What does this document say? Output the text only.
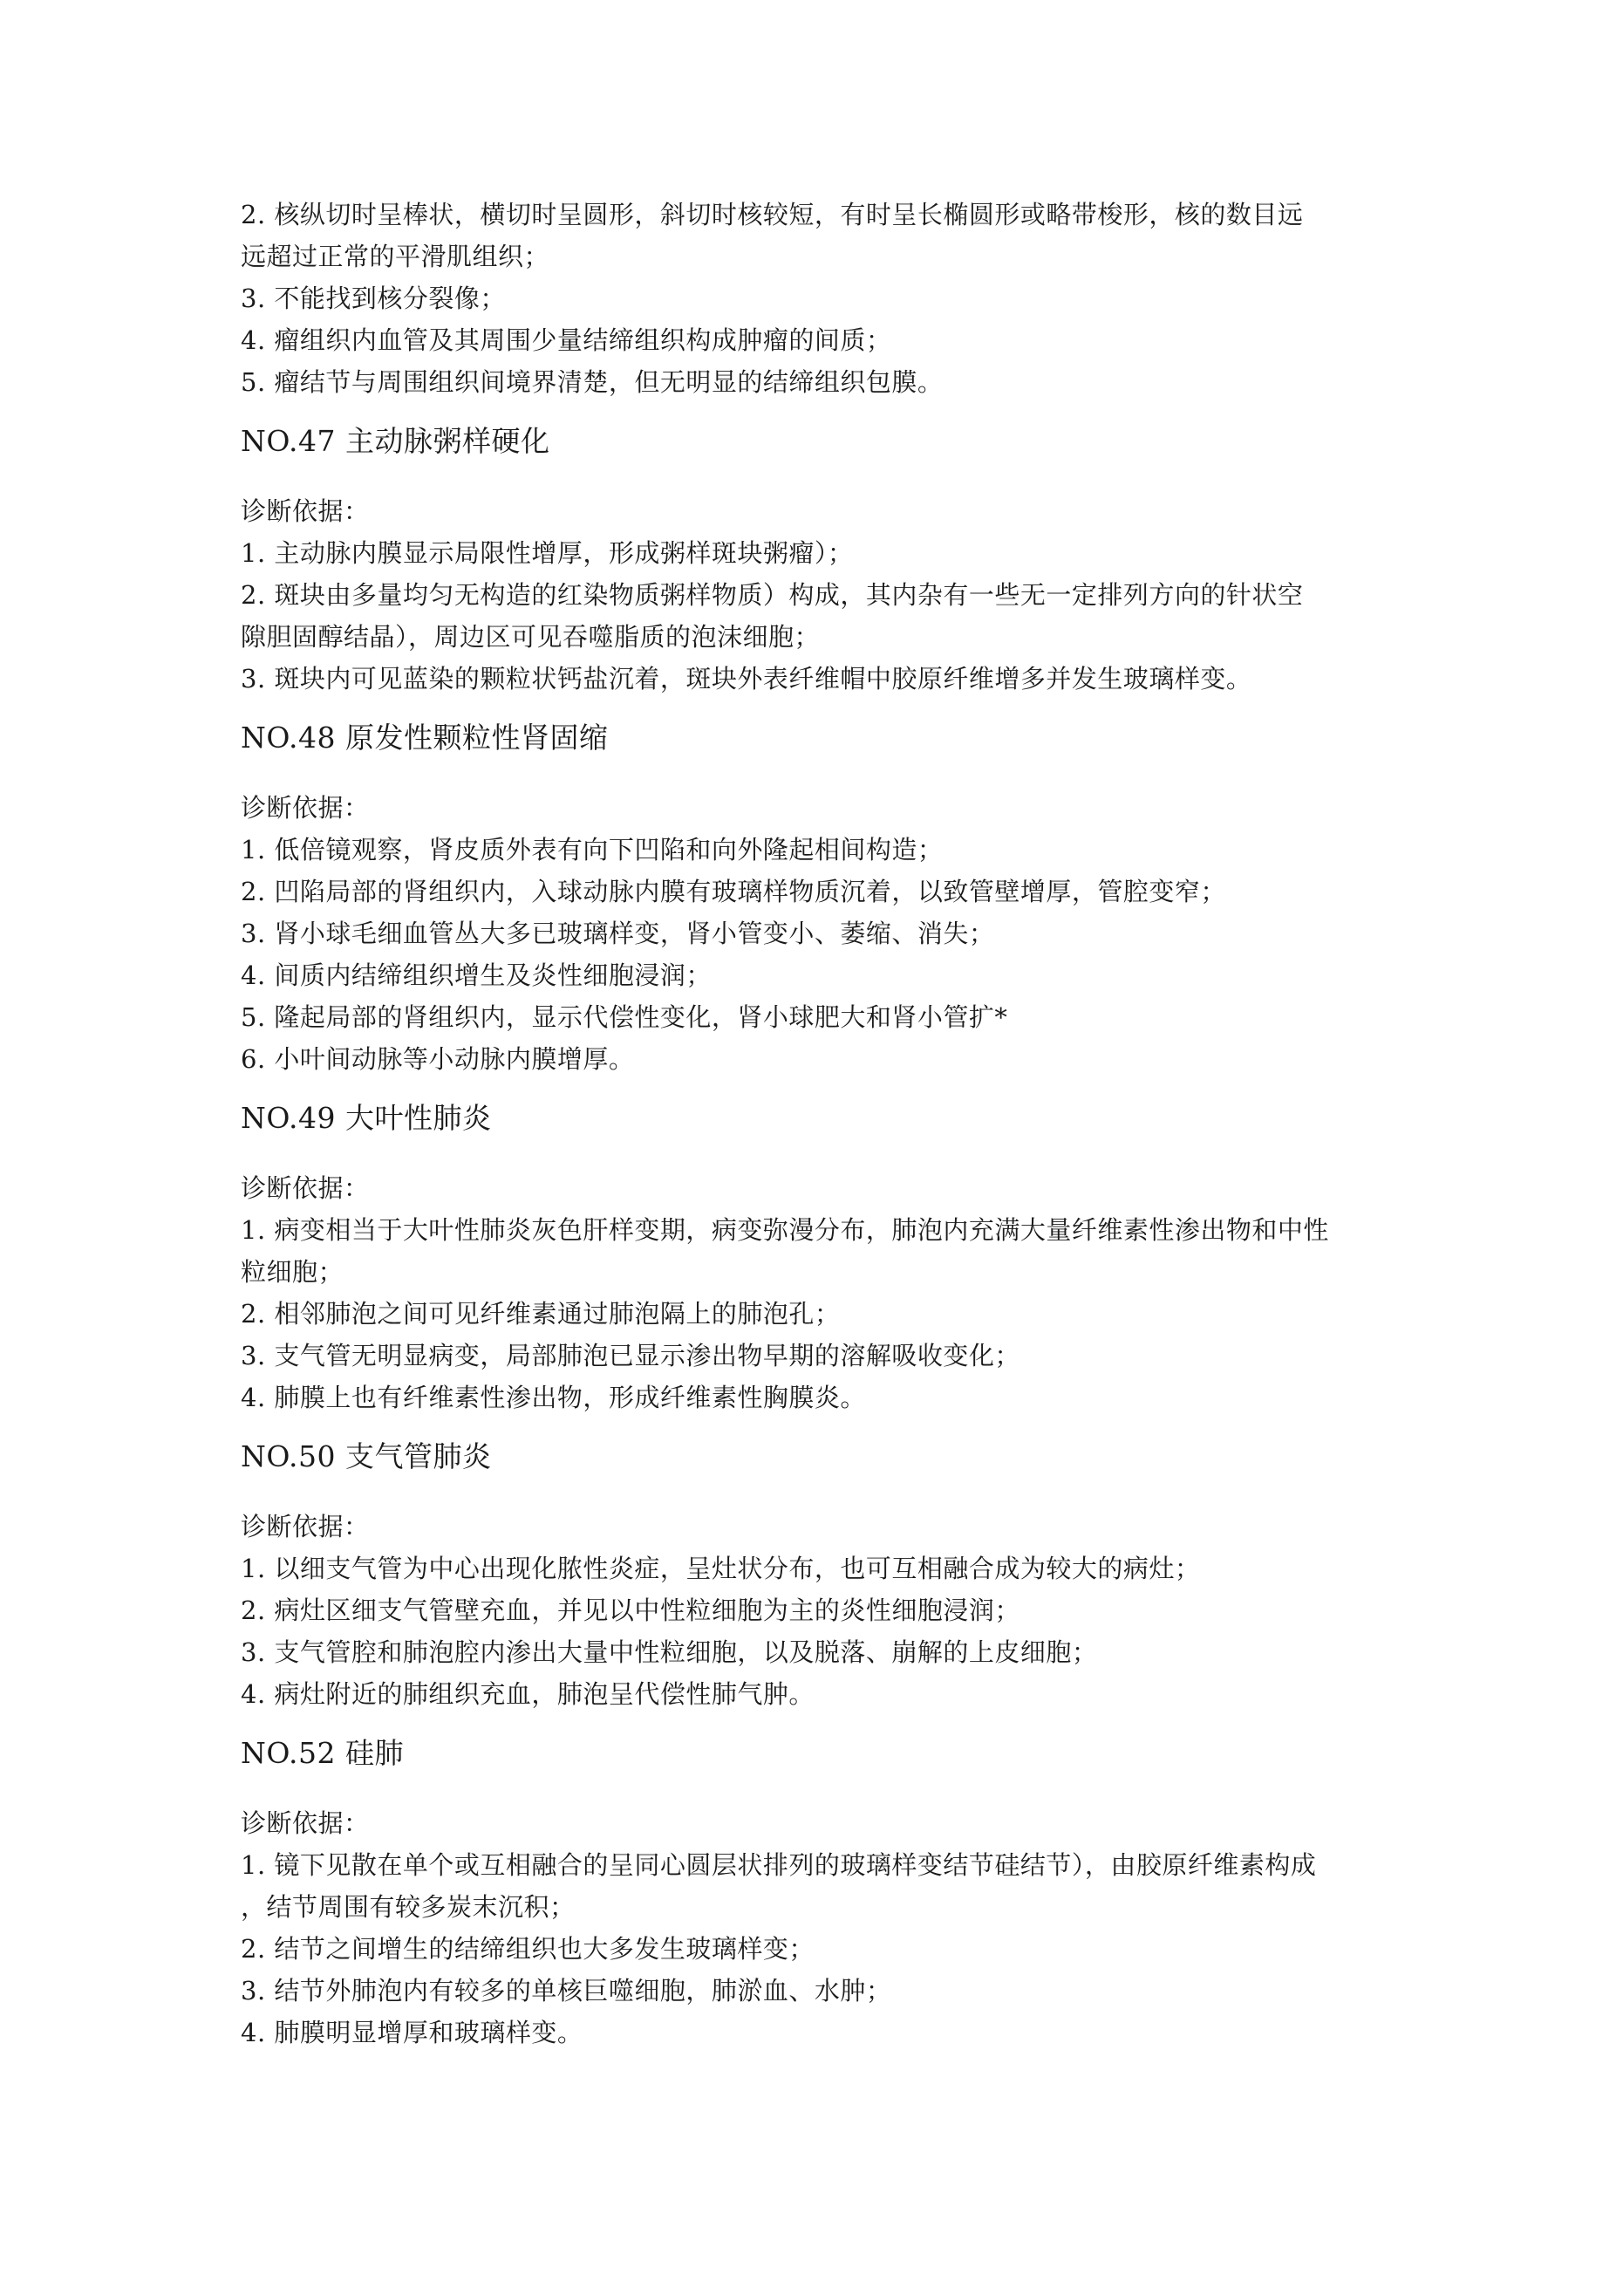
2. 核纵切时呈棒状，横切时呈圆形，斜切时核较短，有时呈长椭圆形或略带梭形，核的数目远
远超过正常的平滑肌组织；
3. 不能找到核分裂像；
4. 瘤组织内血管及其周围少量结缔组织构成肿瘤的间质；
5. 瘤结节与周围组织间境界清楚，但无明显的结缔组织包膜。
NO.47 主动脉粥样硬化
诊断依据：
1. 主动脉内膜显示局限性增厚，形成粥样斑块粥瘤）；
2. 斑块由多量均匀无构造的红染物质粥样物质）构成，其内杂有一些无一定排列方向的针状空
隙胆固醇结晶），周边区可见吞噬脂质的泡沫细胞；
3. 斑块内可见蓝染的颗粒状钙盐沉着，斑块外表纤维帽中胶原纤维增多并发生玻璃样变。
NO.48 原发性颗粒性肾固缩
诊断依据：
1. 低倍镜观察，肾皮质外表有向下凹陷和向外隆起相间构造；
2. 凹陷局部的肾组织内，入球动脉内膜有玻璃样物质沉着，以致管壁增厚，管腔变窄；
3. 肾小球毛细血管丛大多已玻璃样变，肾小管变小、萎缩、消失；
4. 间质内结缔组织增生及炎性细胞浸润；
5. 隆起局部的肾组织内，显示代偿性变化，肾小球肥大和肾小管扩*
6. 小叶间动脉等小动脉内膜增厚。
NO.49 大叶性肺炎
诊断依据：
1. 病变相当于大叶性肺炎灰色肝样变期，病变弥漫分布，肺泡内充满大量纤维素性渗出物和中性
粒细胞；
2. 相邻肺泡之间可见纤维素通过肺泡隔上的肺泡孔；
3. 支气管无明显病变，局部肺泡已显示渗出物早期的溶解吸收变化；
4. 肺膜上也有纤维素性渗出物，形成纤维素性胸膜炎。
NO.50 支气管肺炎
诊断依据：
1. 以细支气管为中心出现化脓性炎症，呈灶状分布，也可互相融合成为较大的病灶；
2. 病灶区细支气管壁充血，并见以中性粒细胞为主的炎性细胞浸润；
3. 支气管腔和肺泡腔内渗出大量中性粒细胞，以及脱落、崩解的上皮细胞；
4. 病灶附近的肺组织充血，肺泡呈代偿性肺气肿。
NO.52 硅肺
诊断依据：
1. 镜下见散在单个或互相融合的呈同心圆层状排列的玻璃样变结节硅结节），由胶原纤维素构成
，结节周围有较多炭末沉积；
2. 结节之间增生的结缔组织也大多发生玻璃样变；
3. 结节外肺泡内有较多的单核巨噬细胞，肺淤血、水肿；
4. 肺膜明显增厚和玻璃样变。
